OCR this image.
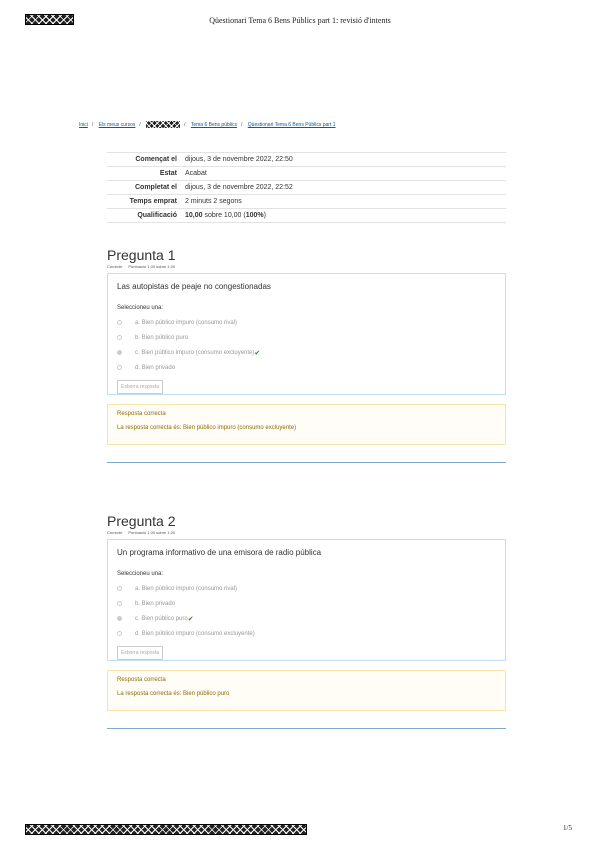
Qüestionari Tema 6 Bens Públics part 1: revisió d'intents
Inici / Els meus cursos /	/ Tema 6 Bens públics / Qüestionari Tema 6 Bens Públics part 1
Començat el	dijous, 3 de novembre 2022, 22:50
Estat	Acabat
Completat el	dijous, 3 de novembre 2022, 22:52
Temps emprat	2 minuts 2 segons
Qualificació	10,00 sobre 10,00 (100%)
Pregunta 1
Correcte Puntuació 1,00 sobre 1,00
Las autopistas de peaje no congestionadas
Seleccioneu una:
a. Bien público impuro (consumo rival)
b. Bien público puro
c. Bien público impuro (consumo excluyente) ✔
d. Bien privado
Esborra resposta
Resposta correcta
La resposta correcta és: Bien público impuro (consumo excluyente)
Pregunta 2
Correcte Puntuació 1,00 sobre 1,00
Un programa informativo de una emisora de radio pública
Seleccioneu una:
a. Bien público impuro (consumo rival)
b. Bien privado
c. Bien público puro ✔
d. Bien público impuro (consumo excluyente)
Esborra resposta
Resposta correcta
La resposta correcta és: Bien público puro
1/5
